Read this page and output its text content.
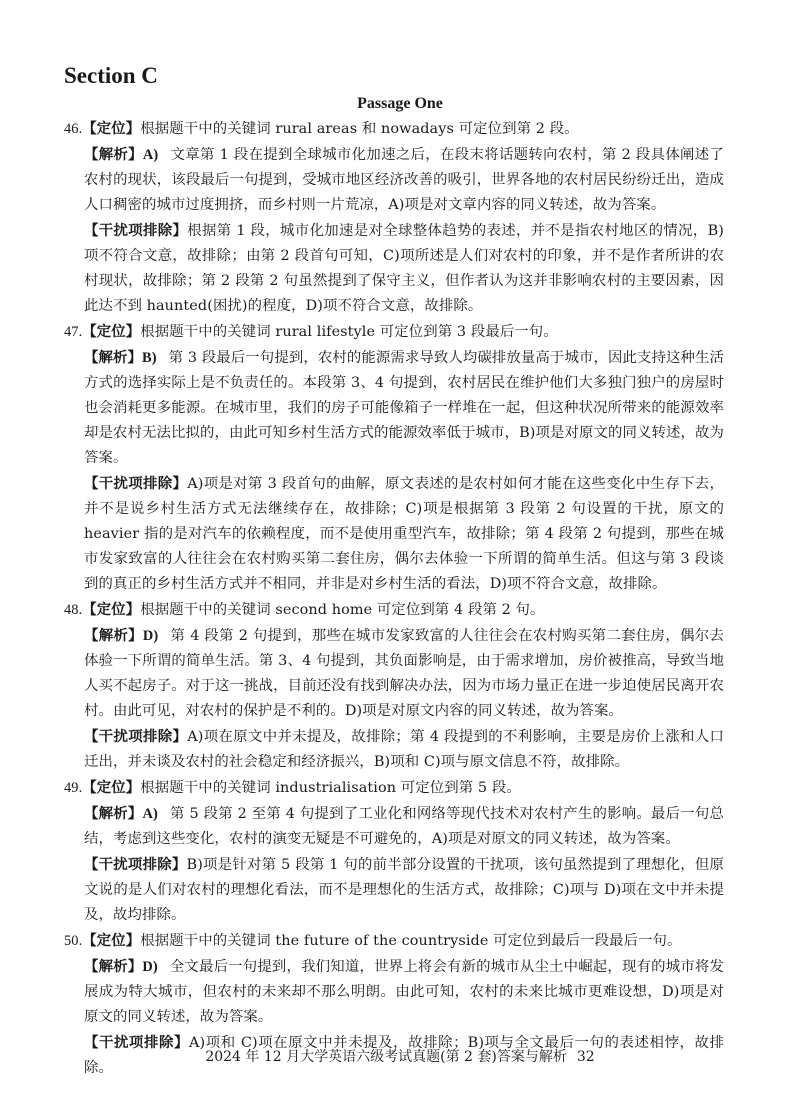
Section C
Passage One

46.【定位】根据题干中的关键词 rural areas 和 nowadays 可定位到第 2 段。

【解析】A) 文章第 1 段在提到全球城市化加速之后，在段末将话题转向农村，第 2 段具体阐述了农村的现状，该段最后一句提到，受城市地区经济改善的吸引，世界各地的农村居民纷纷迁出，造成人口稠密的城市过度拥挤，而乡村则一片荒凉，A)项是对文章内容的同义转述，故为答案。

【干扰项排除】根据第 1 段，城市化加速是对全球整体趋势的表述，并不是指农村地区的情况，B)项不符合文意，故排除；由第 2 段首句可知，C)项所述是人们对农村的印象，并不是作者所讲的农村现状，故排除；第 2 段第 2 句虽然提到了保守主义，但作者认为这并非影响农村的主要因素，因此达不到 haunted(困扰)的程度，D)项不符合文意，故排除。

47.【定位】根据题干中的关键词 rural lifestyle 可定位到第 3 段最后一句。

【解析】B) 第 3 段最后一句提到，农村的能源需求导致人均碳排放量高于城市，因此支持这种生活方式的选择实际上是不负责任的。本段第 3、4 句提到，农村居民在维护他们大多独门独户的房屋时也会消耗更多能源。在城市里，我们的房子可能像箱子一样堆在一起，但这种状况所带来的能源效率却是农村无法比拟的，由此可知乡村生活方式的能源效率低于城市，B)项是对原文的同义转述，故为答案。

【干扰项排除】A)项是对第 3 段首句的曲解，原文表述的是农村如何才能在这些变化中生存下去，并不是说乡村生活方式无法继续存在，故排除；C)项是根据第 3 段第 2 句设置的干扰，原文的 heavier 指的是对汽车的依赖程度，而不是使用重型汽车，故排除；第 4 段第 2 句提到，那些在城市发家致富的人往往会在农村购买第二套住房，偶尔去体验一下所谓的简单生活。但这与第 3 段谈到的真正的乡村生活方式并不相同，并非是对乡村生活的看法，D)项不符合文意，故排除。

48.【定位】根据题干中的关键词 second home 可定位到第 4 段第 2 句。

【解析】D) 第 4 段第 2 句提到，那些在城市发家致富的人往往会在农村购买第二套住房，偶尔去体验一下所谓的简单生活。第 3、4 句提到，其负面影响是，由于需求增加，房价被推高，导致当地人买不起房子。对于这一挑战，目前还没有找到解决办法，因为市场力量正在进一步迫使居民离开农村。由此可见，对农村的保护是不利的。D)项是对原文内容的同义转述，故为答案。

【干扰项排除】A)项在原文中并未提及，故排除；第 4 段提到的不利影响，主要是房价上涨和人口迁出，并未谈及农村的社会稳定和经济振兴，B)项和 C)项与原文信息不符，故排除。

49.【定位】根据题干中的关键词 industrialisation 可定位到第 5 段。

【解析】A) 第 5 段第 2 至第 4 句提到了工业化和网络等现代技术对农村产生的影响。最后一句总结，考虑到这些变化，农村的演变无疑是不可避免的，A)项是对原文的同义转述，故为答案。

【干扰项排除】B)项是针对第 5 段第 1 句的前半部分设置的干扰项，该句虽然提到了理想化，但原文说的是人们对农村的理想化看法，而不是理想化的生活方式，故排除；C)项与 D)项在文中并未提及，故均排除。

50.【定位】根据题干中的关键词 the future of the countryside 可定位到最后一段最后一句。

【解析】D) 全文最后一句提到，我们知道，世界上将会有新的城市从尘土中崛起，现有的城市将发展成为特大城市，但农村的未来却不那么明朗。由此可知，农村的未来比城市更难设想，D)项是对原文的同义转述，故为答案。

【干扰项排除】A)项和 C)项在原文中并未提及，故排除；B)项与全文最后一句的表述相悖，故排除。

2024 年 12 月大学英语六级考试真题(第 2 套)答案与解析 32
